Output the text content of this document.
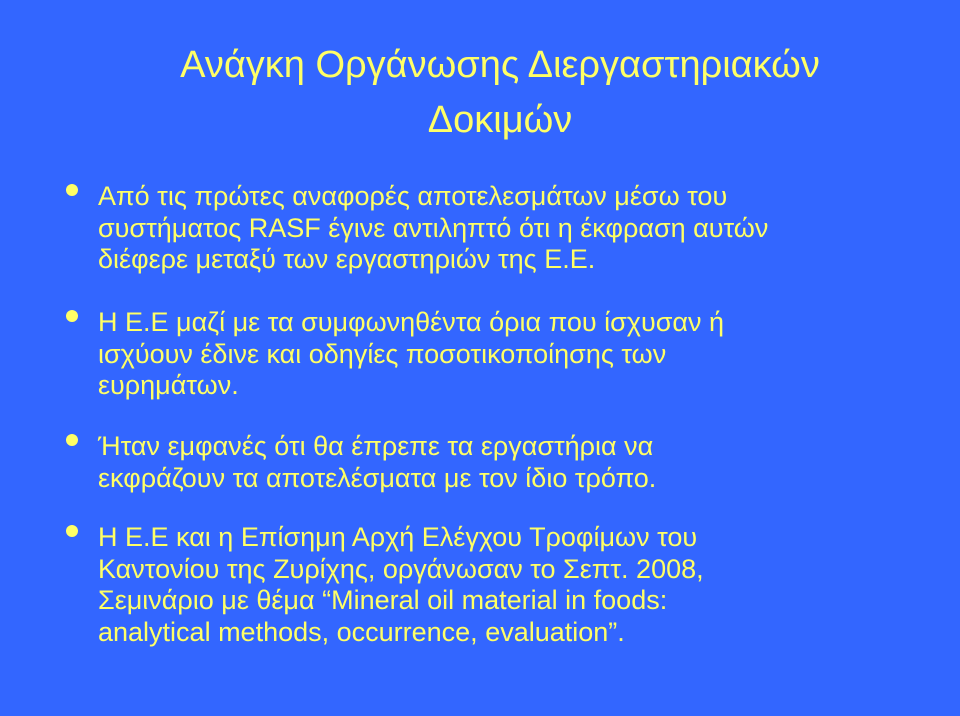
Ανάγκη Οργάνωσης Διεργαστηριακών
Δοκιμών
Από τις πρώτες αναφορές αποτελεσμάτων μέσω του
συστήματος RASF έγινε αντιληπτό ότι η έκφραση αυτών
διέφερε μεταξύ των εργαστηριών της Ε.Ε.
Η Ε.Ε μαζί με τα συμφωνηθέντα όρια που ίσχυσαν ή
ισχύουν έδινε και οδηγίες ποσοτικοποίησης των
ευρημάτων.
Ήταν εμφανές ότι θα έπρεπε τα εργαστήρια να
εκφράζουν τα αποτελέσματα με τον ίδιο τρόπο.
Η Ε.Ε και η Επίσημη Αρχή Ελέγχου Τροφίμων του
Καντονίου της Ζυρίχης, οργάνωσαν το Σεπτ. 2008,
Σεμινάριο με θέμα “Mineral oil material in foods:
analytical methods, occurrence, evaluation”.
